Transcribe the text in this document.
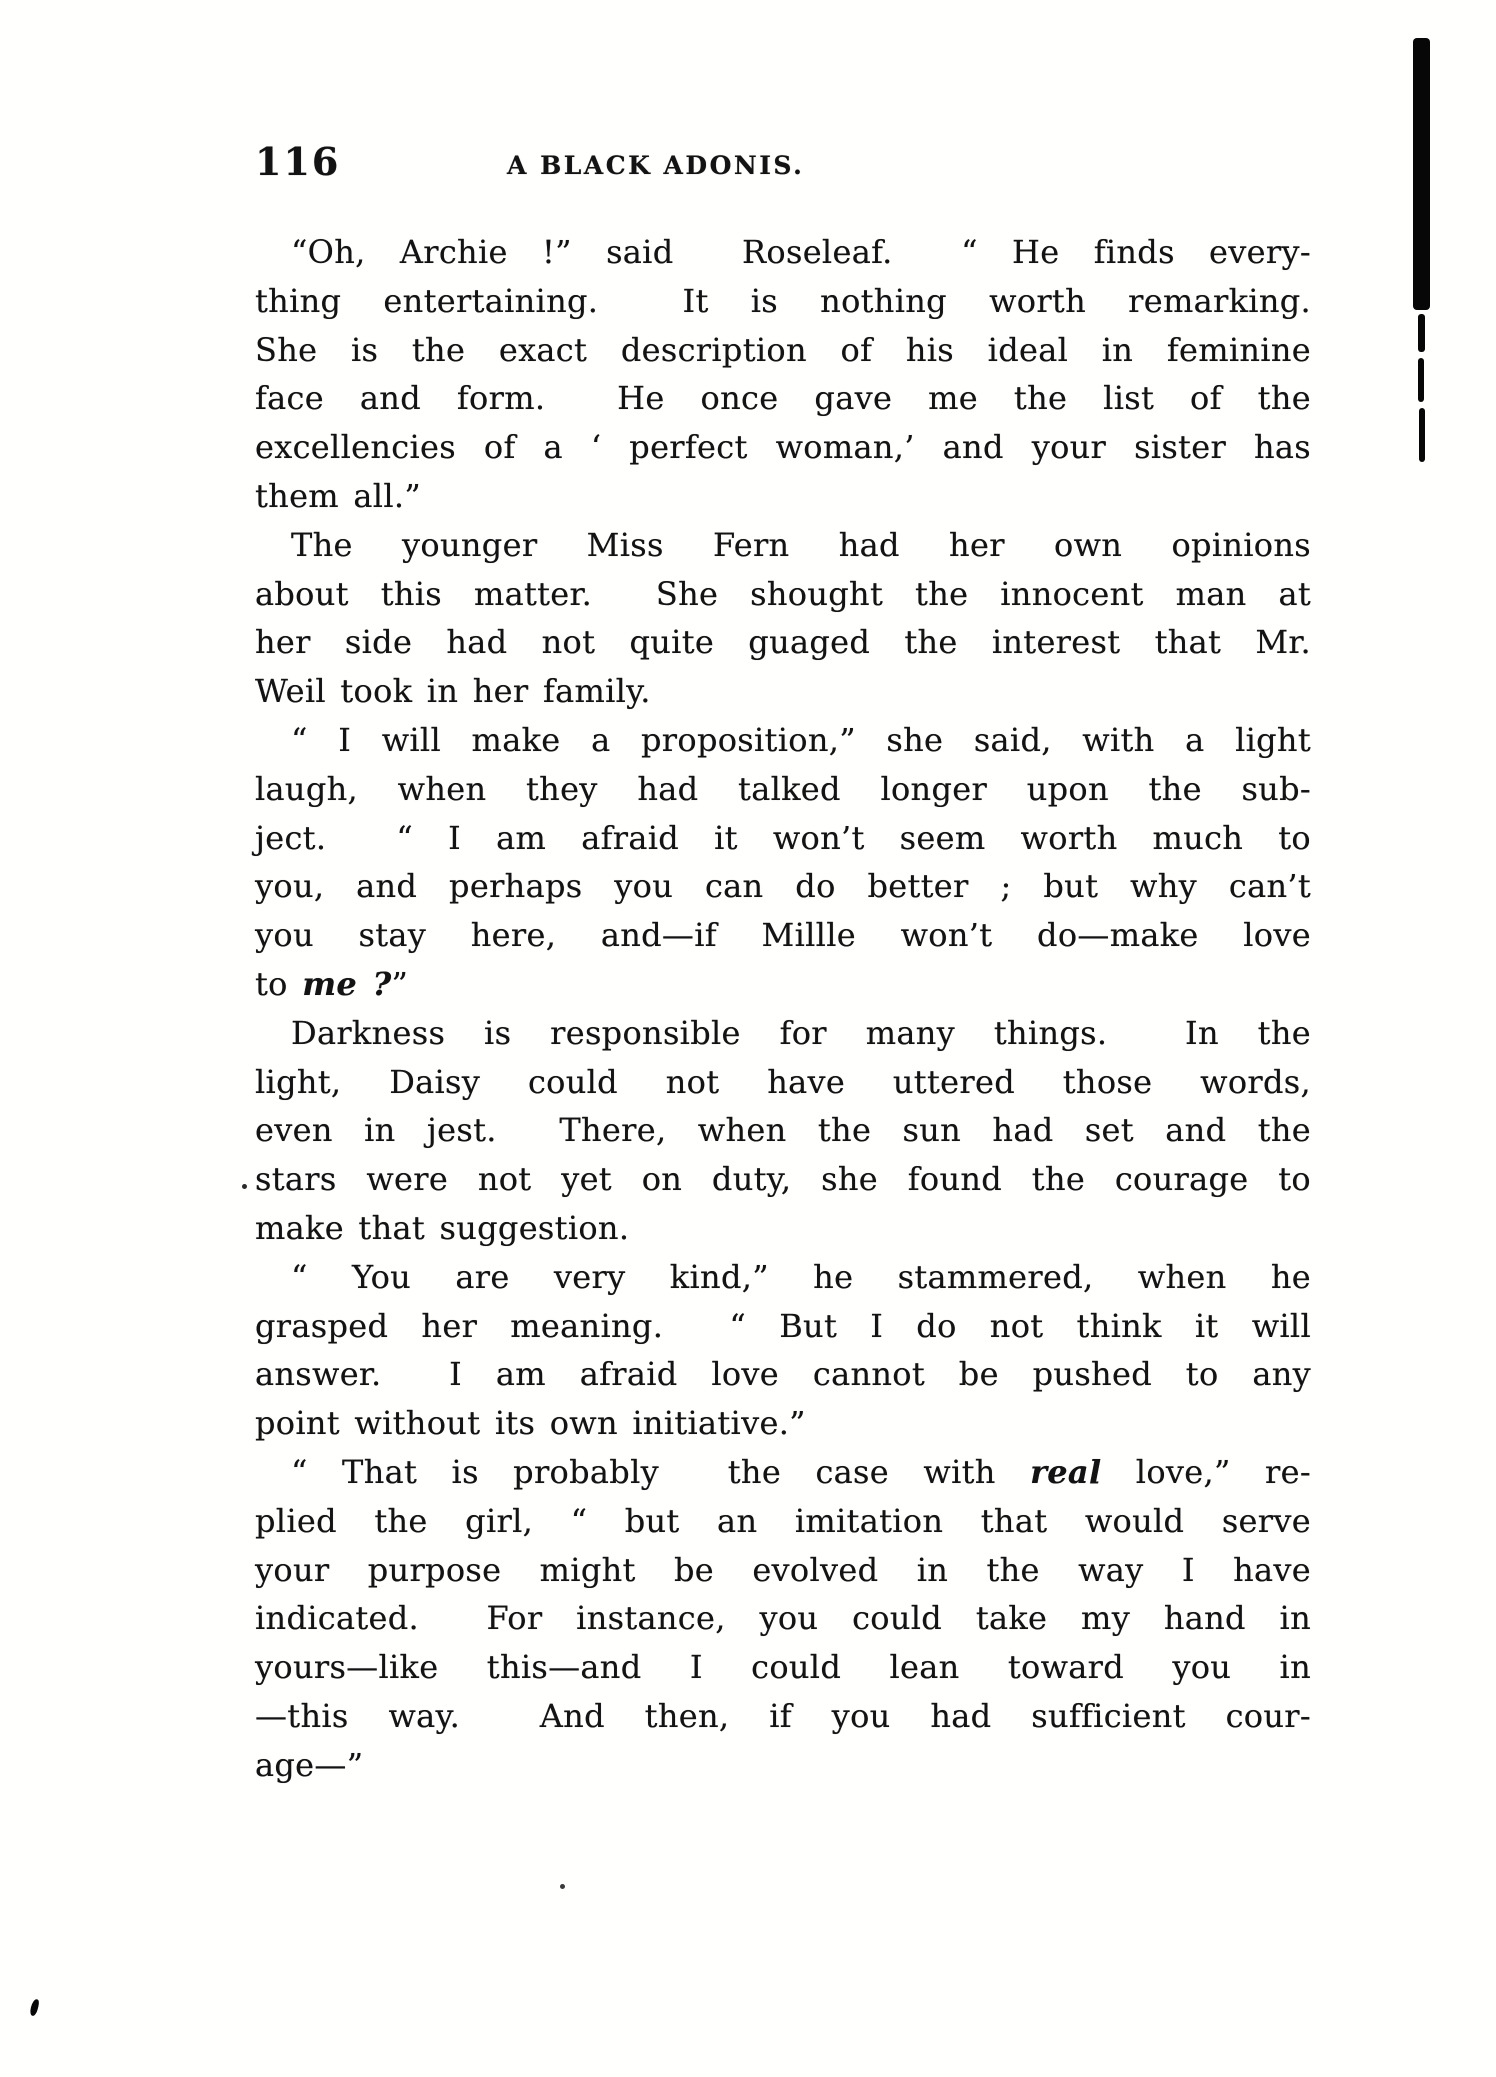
116	A BLACK ADONIS.
“Oh, Archie !” said  Roseleaf.  “ He finds every-
thing entertaining.  It is nothing worth remarking.
She is the exact description of his ideal in feminine
face and form.  He once gave me the list of the
excellencies of a ‘ perfect woman,’ and your sister has
them all.”
The younger Miss Fern had her own opinions
about this matter.  She shought the innocent man at
her side had not quite guaged the interest that Mr.
Weil took in her family.
“ I will make a proposition,” she said, with a light
laugh, when they had talked longer upon the sub-
ject.  “ I am afraid it won’t seem worth much to
you, and perhaps you can do better ; but why can’t
you stay here, and—if Millle won’t do—make love
to me ?”
Darkness is responsible for many things.  In the
light, Daisy could not have uttered those words,
even in jest.  There, when the sun had set and the
stars were not yet on duty, she found the courage to
make that suggestion.
“ You are very kind,” he stammered, when he
grasped her meaning.  “ But I do not think it will
answer.  I am afraid love cannot be pushed to any
point without its own initiative.”
“ That is probably  the case with real love,” re-
plied the girl, “ but an imitation that would serve
your purpose might be evolved in the way I have
indicated.  For instance, you could take my hand in
yours—like this—and I could lean toward you in
—this way.  And then, if you had sufficient cour-
age—”
